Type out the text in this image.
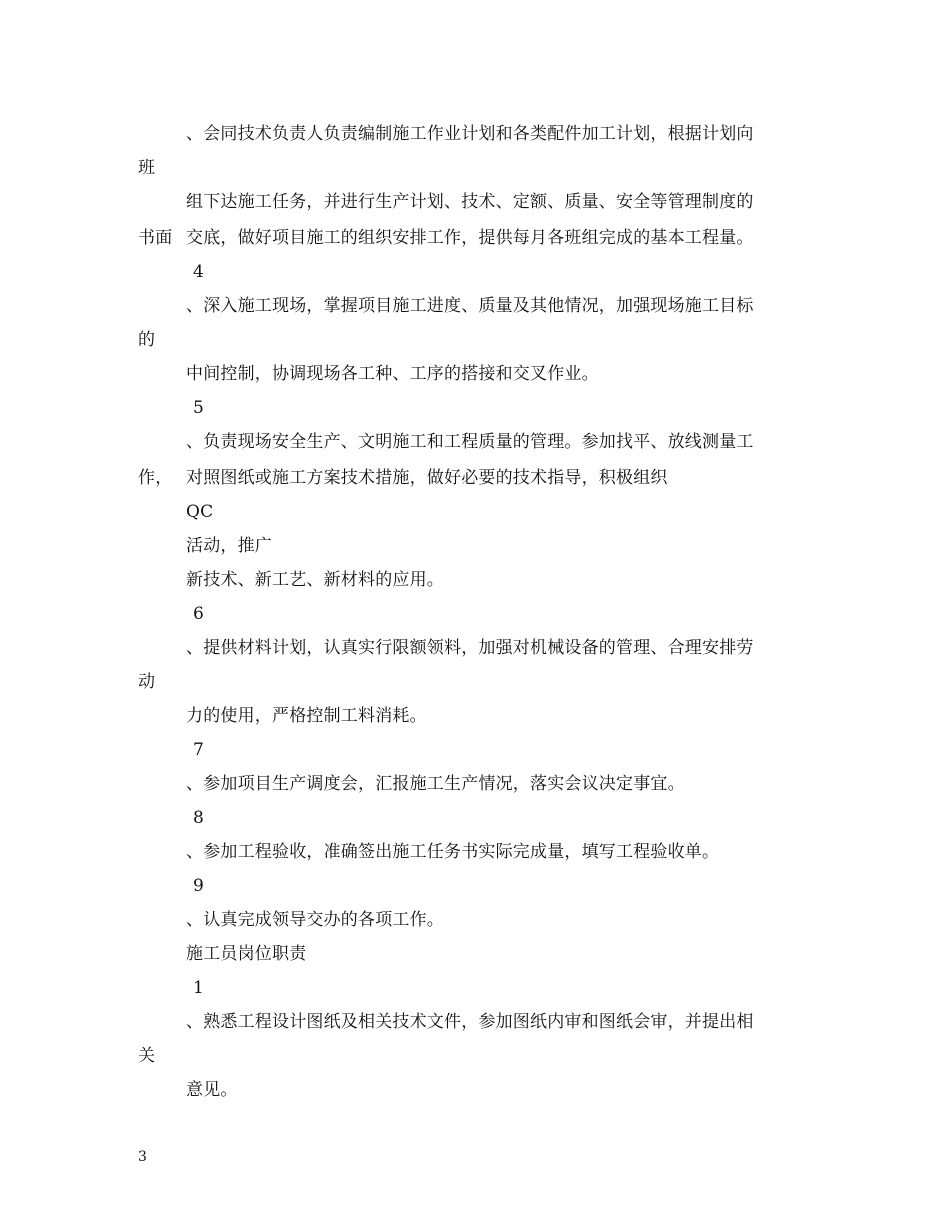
、会同技术负责人负责编制施工作业计划和各类配件加工计划，根据计划向
班
组下达施工任务，并进行生产计划、技术、定额、质量、安全等管理制度的
书面 交底，做好项目施工的组织安排工作，提供每月各班组完成的基本工程量。
4
、深入施工现场，掌握项目施工进度、质量及其他情况，加强现场施工目标
的
中间控制，协调现场各工种、工序的搭接和交叉作业。
5
、负责现场安全生产、文明施工和工程质量的管理。参加找平、放线测量工
作， 对照图纸或施工方案技术措施，做好必要的技术指导，积极组织
QC
活动，推广
新技术、新工艺、新材料的应用。
6
、提供材料计划，认真实行限额领料，加强对机械设备的管理、合理安排劳
动
力的使用，严格控制工料消耗。
7
、参加项目生产调度会，汇报施工生产情况，落实会议决定事宜。
8
、参加工程验收，准确签出施工任务书实际完成量，填写工程验收单。
9
、认真完成领导交办的各项工作。
施工员岗位职责
1
、熟悉工程设计图纸及相关技术文件，参加图纸内审和图纸会审，并提出相
关
意见。
3
